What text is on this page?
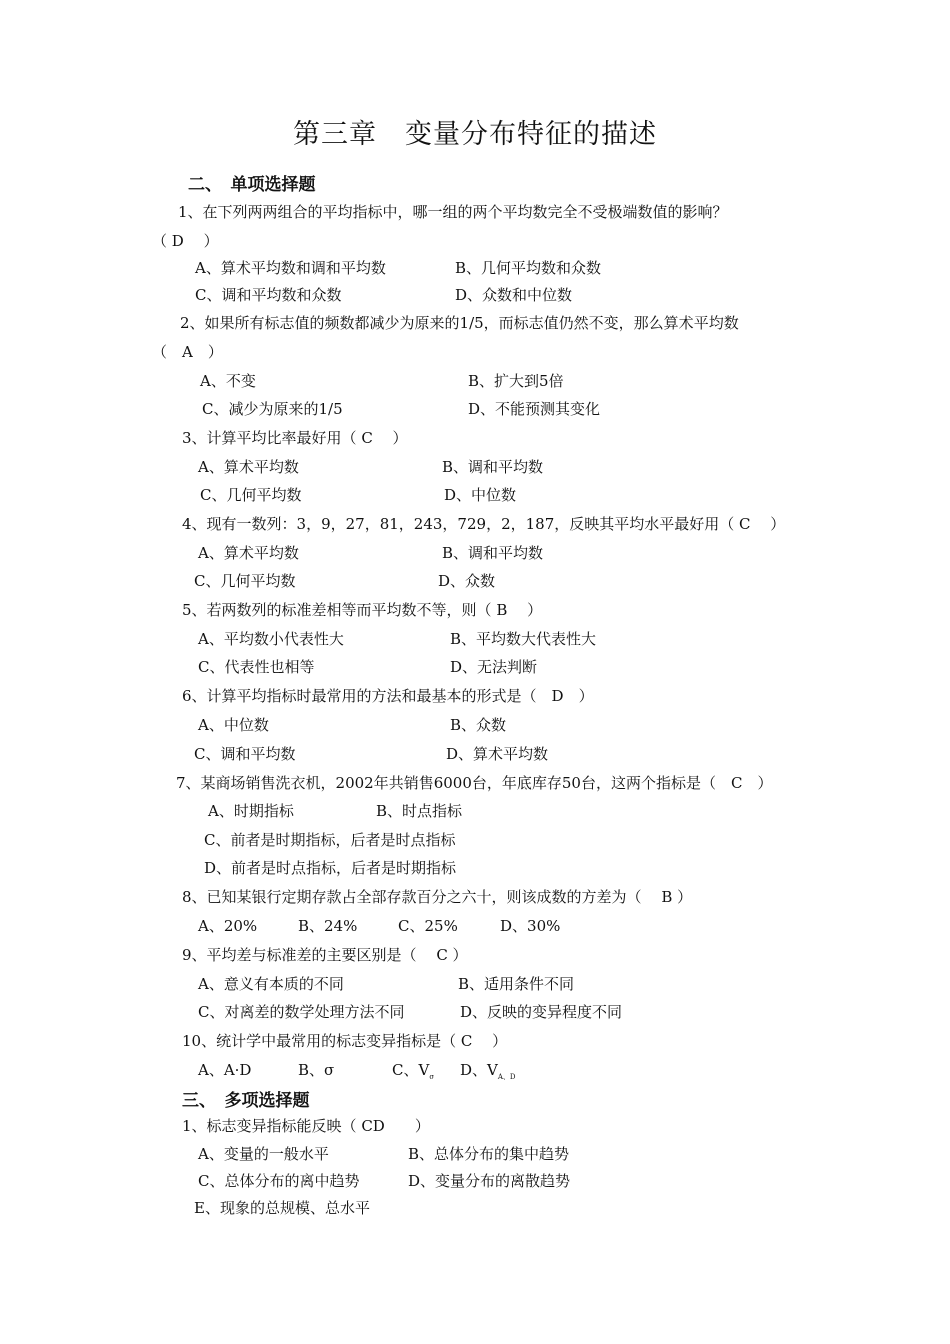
第三章　变量分布特征的描述
二、　单项选择题
1、在下列两两组合的平均指标中，哪一组的两个平均数完全不受极端数值的影响？
（ D　 ）
A、算术平均数和调和平均数	B、几何平均数和众数
C、调和平均数和众数	D、众数和中位数
2、如果所有标志值的频数都减少为原来的1/5，而标志值仍然不变，那么算术平均数
（　A　）
A、不变	B、扩大到5倍
C、减少为原来的1/5	D、不能预测其变化
3、计算平均比率最好用（ C　 ）
A、算术平均数	B、调和平均数
C、几何平均数	D、中位数
4、现有一数列：3，9，27，81，243，729，2，187，反映其平均水平最好用（ C　 ）
A、算术平均数	B、调和平均数
C、几何平均数	D、众数
5、若两数列的标准差相等而平均数不等，则（ B　 ）
A、平均数小代表性大	B、平均数大代表性大
C、代表性也相等	D、无法判断
6、计算平均指标时最常用的方法和最基本的形式是（　D　）
A、中位数	B、众数
C、调和平均数	D、算术平均数
7、某商场销售洗衣机，2002年共销售6000台，年底库存50台，这两个指标是（　C　）
A、时期指标	B、时点指标
C、前者是时期指标，后者是时点指标
D、前者是时点指标，后者是时期指标
8、已知某银行定期存款占全部存款百分之六十，则该成数的方差为（　 B ）
A、20%	B、24%	C、25%	D、30%
9、平均差与标准差的主要区别是（　 C ）
A、意义有本质的不同	B、适用条件不同
C、对离差的数学处理方法不同	D、反映的变异程度不同
10、统计学中最常用的标志变异指标是（ C　 ）
A、A·D	B、σ	C、$V_\sigma$ D、$V_{A、D}$
三、　多项选择题
1、标志变异指标能反映（ CD　　）
A、变量的一般水平	B、总体分布的集中趋势
C、总体分布的离中趋势	D、变量分布的离散趋势
E、现象的总规模、总水平
